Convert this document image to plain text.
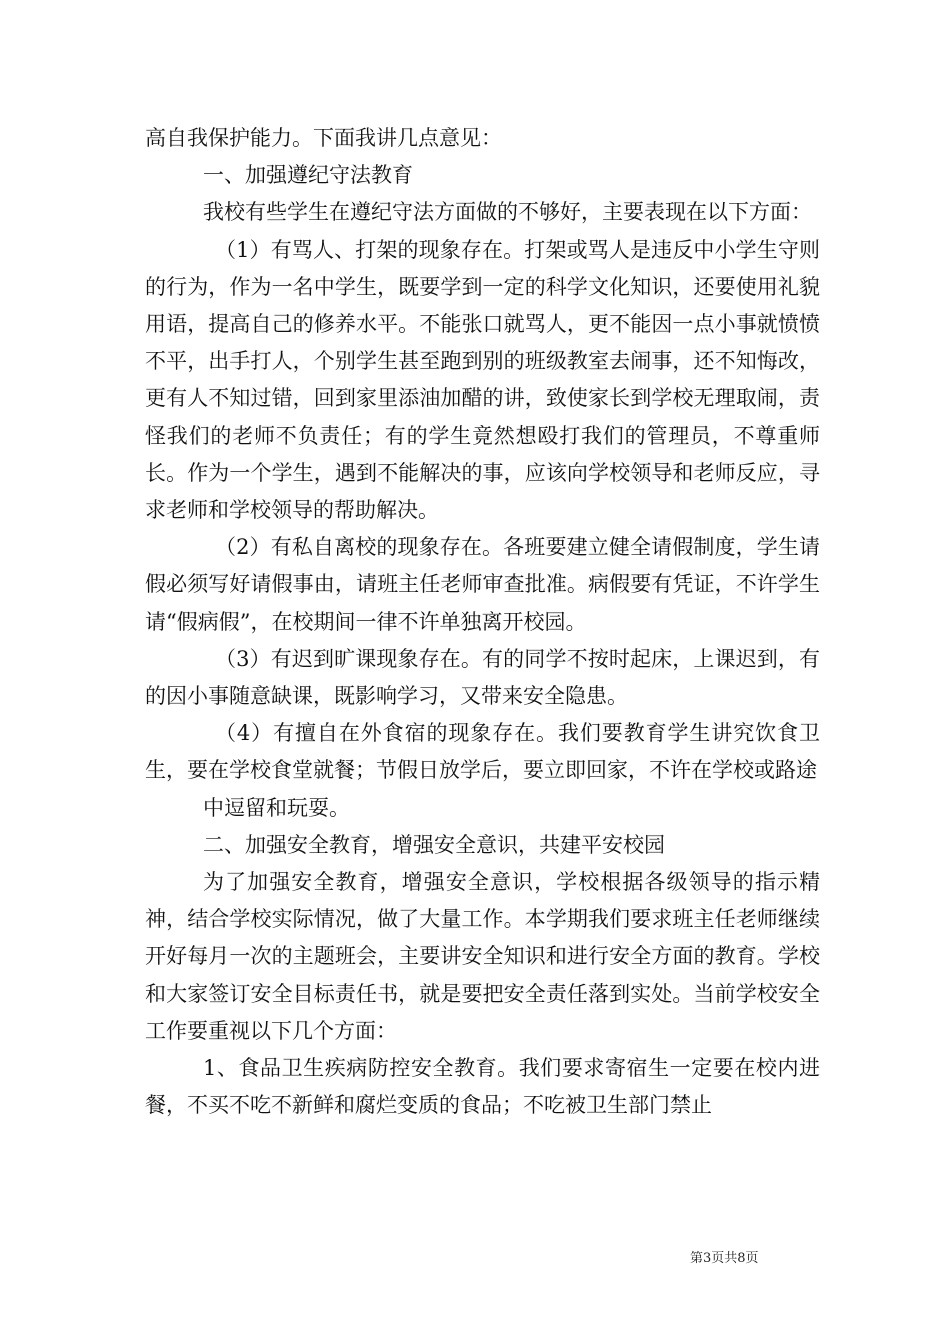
高自我保护能力。下面我讲几点意见：

一、加强遵纪守法教育

我校有些学生在遵纪守法方面做的不够好，主要表现在以下方面：

（1）有骂人、打架的现象存在。打架或骂人是违反中小学生守则的行为，作为一名中学生，既要学到一定的科学文化知识，还要使用礼貌用语，提高自己的修养水平。不能张口就骂人，更不能因一点小事就愤愤不平，出手打人，个别学生甚至跑到别的班级教室去闹事，还不知悔改，更有人不知过错，回到家里添油加醋的讲，致使家长到学校无理取闹，责怪我们的老师不负责任；有的学生竟然想殴打我们的管理员，不尊重师长。作为一个学生，遇到不能解决的事，应该向学校领导和老师反应，寻求老师和学校领导的帮助解决。

（2）有私自离校的现象存在。各班要建立健全请假制度，学生请假必须写好请假事由，请班主任老师审查批准。病假要有凭证，不许学生请“假病假”，在校期间一律不许单独离开校园。

（3）有迟到旷课现象存在。有的同学不按时起床，上课迟到，有的因小事随意缺课，既影响学习，又带来安全隐患。

（4）有擅自在外食宿的现象存在。我们要教育学生讲究饮食卫生，要在学校食堂就餐；节假日放学后，要立即回家，不许在学校或路途

中逗留和玩耍。

二、加强安全教育，增强安全意识，共建平安校园

为了加强安全教育，增强安全意识，学校根据各级领导的指示精神，结合学校实际情况，做了大量工作。本学期我们要求班主任老师继续开好每月一次的主题班会，主要讲安全知识和进行安全方面的教育。学校和大家签订安全目标责任书，就是要把安全责任落到实处。当前学校安全工作要重视以下几个方面：

1、食品卫生疾病防控安全教育。我们要求寄宿生一定要在校内进餐，不买不吃不新鲜和腐烂变质的食品；不吃被卫生部门禁止

第3页共8页
